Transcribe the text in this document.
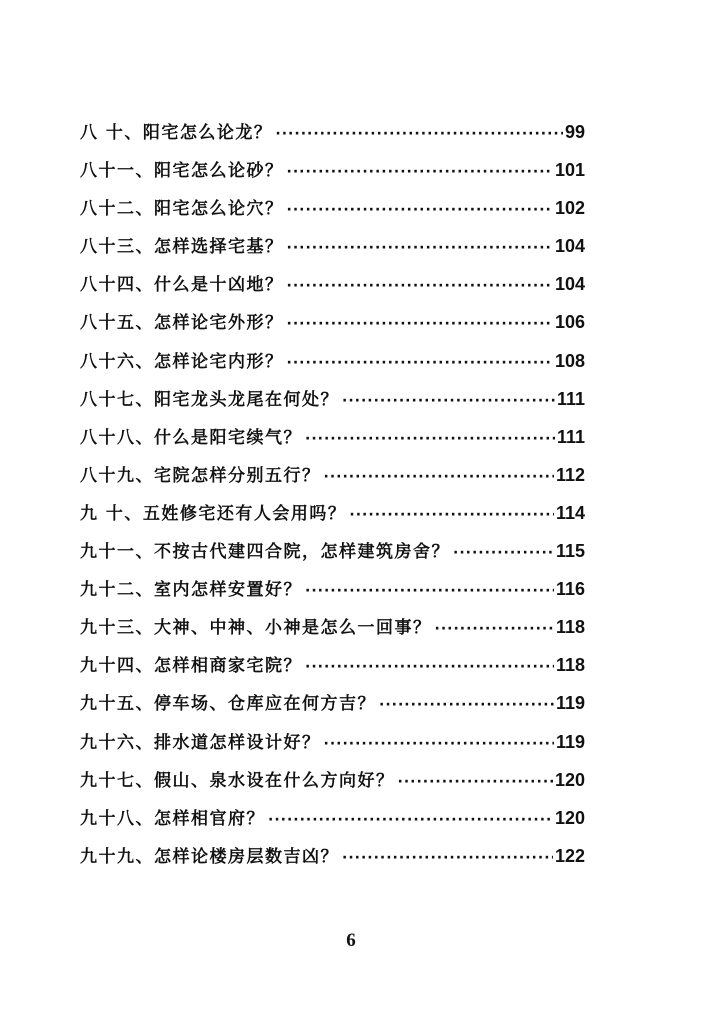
八 十、阳宅怎么论龙？ ·····	99
八十一、阳宅怎么论砂？ ·····	101
八十二、阳宅怎么论穴？ ·····	102
八十三、怎样选择宅基？ ·····	104
八十四、什么是十凶地？ ·····	104
八十五、怎样论宅外形？ ·····	106
八十六、怎样论宅内形？ ·····	108
八十七、阳宅龙头龙尾在何处？ ·····	111
八十八、什么是阳宅续气？ ·····	111
八十九、宅院怎样分别五行？ ·····	112
九 十、五姓修宅还有人会用吗？ ·····	114
九十一、不按古代建四合院，怎样建筑房舍？ ·····	115
九十二、室内怎样安置好？ ·····	116
九十三、大神、中神、小神是怎么一回事？ ·····	118
九十四、怎样相商家宅院？ ·····	118
九十五、停车场、仓库应在何方吉？ ·····	119
九十六、排水道怎样设计好？ ·····	119
九十七、假山、泉水设在什么方向好？ ·····	120
九十八、怎样相官府？ ·····	120
九十九、怎样论楼房层数吉凶？ ·····	122
6
